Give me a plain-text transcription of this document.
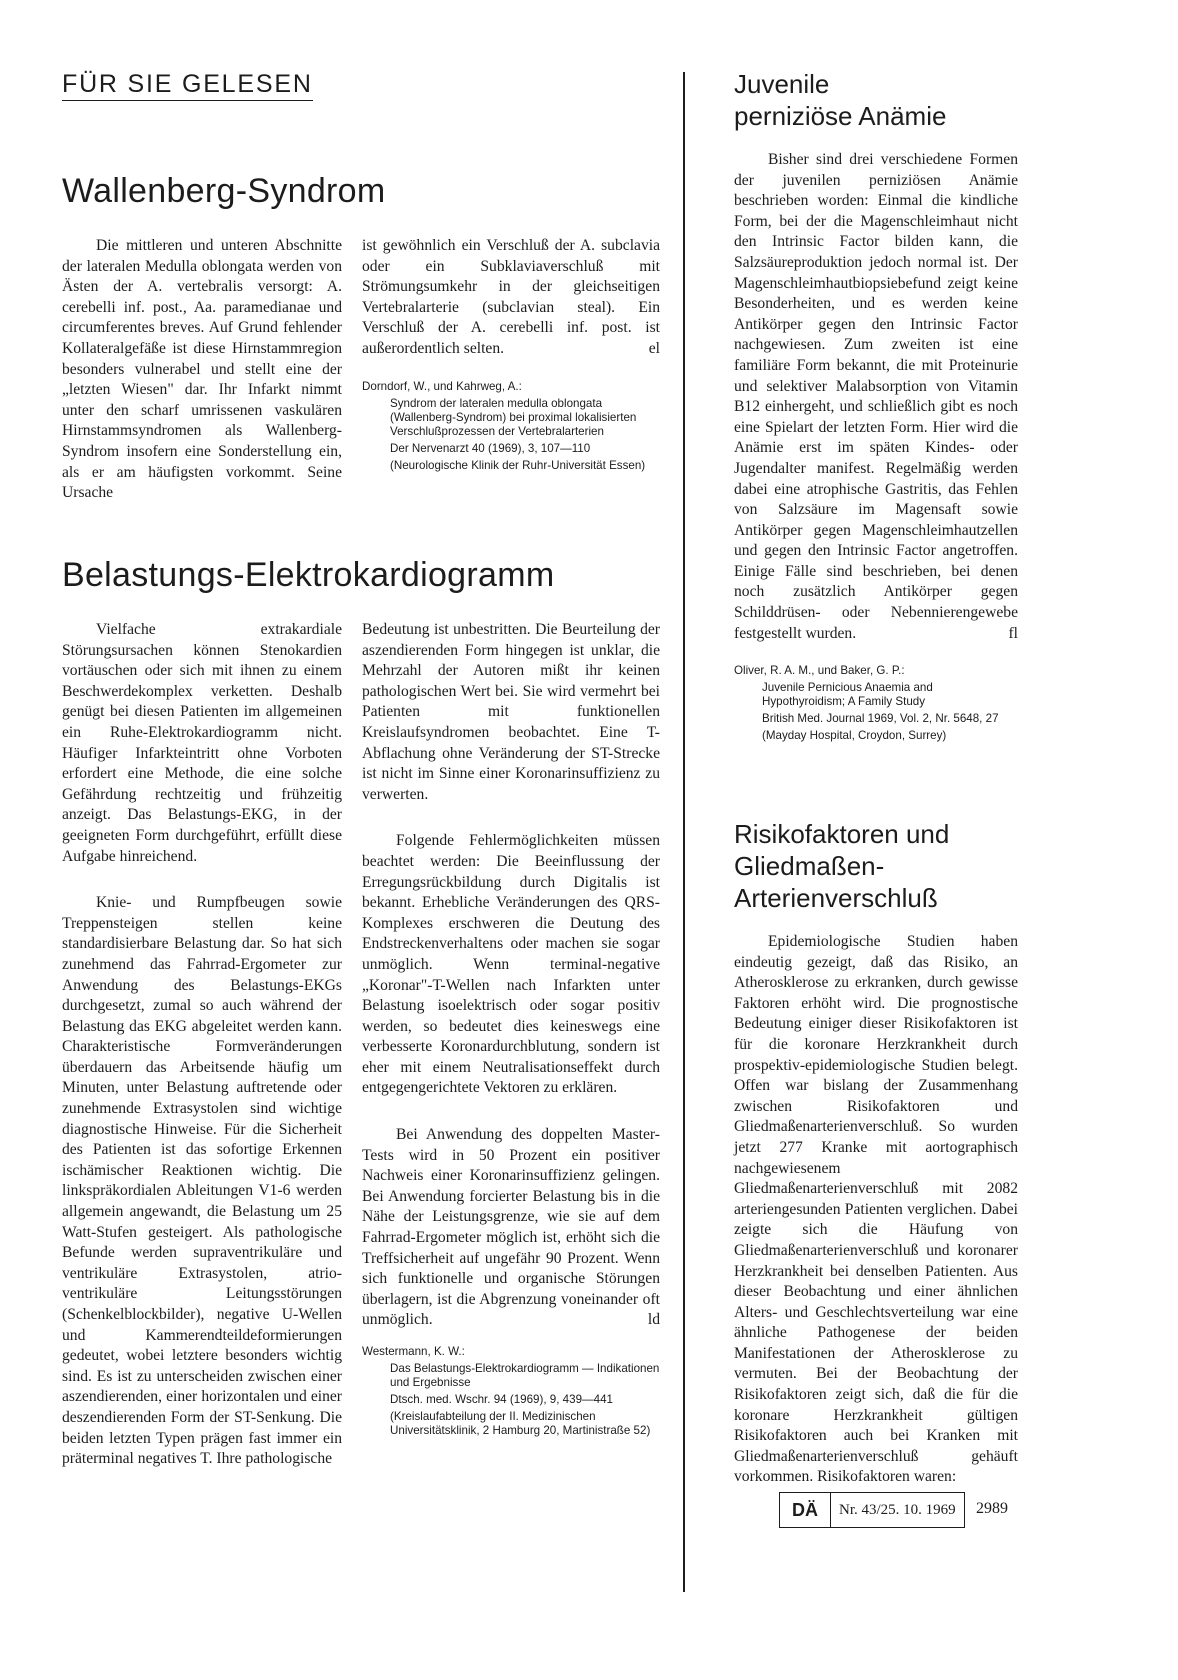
FÜR SIE GELESEN
Wallenberg-Syndrom

Die mittleren und unteren Abschnitte der lateralen Medulla oblongata werden von Ästen der A. vertebralis versorgt: A. cerebelli inf. post., Aa. paramedianae und circumferentes breves. Auf Grund fehlender Kollateralgefäße ist diese Hirnstammregion besonders vulnerabel und stellt eine der „letzten Wiesen" dar. Ihr Infarkt nimmt unter den scharf umrissenen vaskulären Hirnstammsyndromen als Wallenberg-Syndrom insofern eine Sonderstellung ein, als er am häufigsten vorkommt. Seine Ursache

ist gewöhnlich ein Verschluß der A. subclavia oder ein Subklaviaverschluß mit Strömungsumkehr in der gleichseitigen Vertebralarterie (subclavian steal). Ein Verschluß der A. cerebelli inf. post. ist außerordentlich selten.	el

Dorndorf, W., und Kahrweg, A.:
Syndrom der lateralen medulla oblongata (Wallenberg-Syndrom) bei proximal lokalisierten Verschlußprozessen der Vertebralarterien
Der Nervenarzt 40 (1969), 3, 107—110
(Neurologische Klinik der Ruhr-Universität Essen)
Belastungs-Elektrokardiogramm

Vielfache extrakardiale Störungsursachen können Stenokardien vortäuschen oder sich mit ihnen zu einem Beschwerdekomplex verketten. Deshalb genügt bei diesen Patienten im allgemeinen ein Ruhe-Elektrokardiogramm nicht. Häufiger Infarkteintritt ohne Vorboten erfordert eine Methode, die eine solche Gefährdung rechtzeitig und frühzeitig anzeigt. Das Belastungs-EKG, in der geeigneten Form durchgeführt, erfüllt diese Aufgabe hinreichend.

Knie- und Rumpfbeugen sowie Treppensteigen stellen keine standardisierbare Belastung dar. So hat sich zunehmend das Fahrrad-Ergometer zur Anwendung des Belastungs-EKGs durchgesetzt, zumal so auch während der Belastung das EKG abgeleitet werden kann. Charakteristische Formveränderungen überdauern das Arbeitsende häufig um Minuten, unter Belastung auftretende oder zunehmende Extrasystolen sind wichtige diagnostische Hinweise. Für die Sicherheit des Patienten ist das sofortige Erkennen ischämischer Reaktionen wichtig. Die linkspräkordialen Ableitungen V1-6 werden allgemein angewandt, die Belastung um 25 Watt-Stufen gesteigert. Als pathologische Befunde werden supraventrikuläre und ventrikuläre Extrasystolen, atrio-ventrikuläre Leitungsstörungen (Schenkelblockbilder), negative U-Wellen und Kammerendteildeformierungen gedeutet, wobei letztere besonders wichtig sind. Es ist zu unterscheiden zwischen einer aszendierenden, einer horizontalen und einer deszendierenden Form der ST-Senkung. Die beiden letzten Typen prägen fast immer ein präterminal negatives T. Ihre pathologische

Bedeutung ist unbestritten. Die Beurteilung der aszendierenden Form hingegen ist unklar, die Mehrzahl der Autoren mißt ihr keinen pathologischen Wert bei. Sie wird vermehrt bei Patienten mit funktionellen Kreislaufsyndromen beobachtet. Eine T-Abflachung ohne Veränderung der ST-Strecke ist nicht im Sinne einer Koronarinsuffizienz zu verwerten.

Folgende Fehlermöglichkeiten müssen beachtet werden: Die Beeinflussung der Erregungsrückbildung durch Digitalis ist bekannt. Erhebliche Veränderungen des QRS-Komplexes erschweren die Deutung des Endstreckenverhaltens oder machen sie sogar unmöglich. Wenn terminal-negative „Koronar"-T-Wellen nach Infarkten unter Belastung isoelektrisch oder sogar positiv werden, so bedeutet dies keineswegs eine verbesserte Koronardurchblutung, sondern ist eher mit einem Neutralisationseffekt durch entgegengerichtete Vektoren zu erklären.

Bei Anwendung des doppelten Master-Tests wird in 50 Prozent ein positiver Nachweis einer Koronarinsuffizienz gelingen. Bei Anwendung forcierter Belastung bis in die Nähe der Leistungsgrenze, wie sie auf dem Fahrrad-Ergometer möglich ist, erhöht sich die Treffsicherheit auf ungefähr 90 Prozent. Wenn sich funktionelle und organische Störungen überlagern, ist die Abgrenzung voneinander oft unmöglich.	ld

Westermann, K. W.:
Das Belastungs-Elektrokardiogramm — Indikationen und Ergebnisse
Dtsch. med. Wschr. 94 (1969), 9, 439—441
(Kreislaufabteilung der II. Medizinischen Universitätsklinik, 2 Hamburg 20, Martinistraße 52)
Juvenile
perniziöse Anämie

Bisher sind drei verschiedene Formen der juvenilen perniziösen Anämie beschrieben worden: Einmal die kindliche Form, bei der die Magenschleimhaut nicht den Intrinsic Factor bilden kann, die Salzsäureproduktion jedoch normal ist. Der Magenschleimhautbiopsiebefund zeigt keine Besonderheiten, und es werden keine Antikörper gegen den Intrinsic Factor nachgewiesen. Zum zweiten ist eine familiäre Form bekannt, die mit Proteinurie und selektiver Malabsorption von Vitamin B12 einhergeht, und schließlich gibt es noch eine Spielart der letzten Form. Hier wird die Anämie erst im späten Kindes- oder Jugendalter manifest. Regelmäßig werden dabei eine atrophische Gastritis, das Fehlen von Salzsäure im Magensaft sowie Antikörper gegen Magenschleimhautzellen und gegen den Intrinsic Factor angetroffen. Einige Fälle sind beschrieben, bei denen noch zusätzlich Antikörper gegen Schilddrüsen- oder Nebennierengewebe festgestellt wurden.	fl

Oliver, R. A. M., und Baker, G. P.:
Juvenile Pernicious Anaemia and Hypothyroidism; A Family Study
British Med. Journal 1969, Vol. 2, Nr. 5648, 27
(Mayday Hospital, Croydon, Surrey)
Risikofaktoren und
Gliedmaßen-
Arterienverschluß

Epidemiologische Studien haben eindeutig gezeigt, daß das Risiko, an Atherosklerose zu erkranken, durch gewisse Faktoren erhöht wird. Die prognostische Bedeutung einiger dieser Risikofaktoren ist für die koronare Herzkrankheit durch prospektiv-epidemiologische Studien belegt. Offen war bislang der Zusammenhang zwischen Risikofaktoren und Gliedmaßenarterienverschluß. So wurden jetzt 277 Kranke mit aortographisch nachgewiesenem Gliedmaßenarterienverschluß mit 2082 arteriengesunden Patienten verglichen. Dabei zeigte sich die Häufung von Gliedmaßenarterienverschluß und koronarer Herzkrankheit bei denselben Patienten. Aus dieser Beobachtung und einer ähnlichen Alters- und Geschlechtsverteilung war eine ähnliche Pathogenese der beiden Manifestationen der Atherosklerose zu vermuten. Bei der Beobachtung der Risikofaktoren zeigt sich, daß die für die koronare Herzkrankheit gültigen Risikofaktoren auch bei Kranken mit Gliedmaßenarterienverschluß gehäuft vorkommen. Risikofaktoren waren:

DÄ	Nr. 43/25. 10. 1969	2989
